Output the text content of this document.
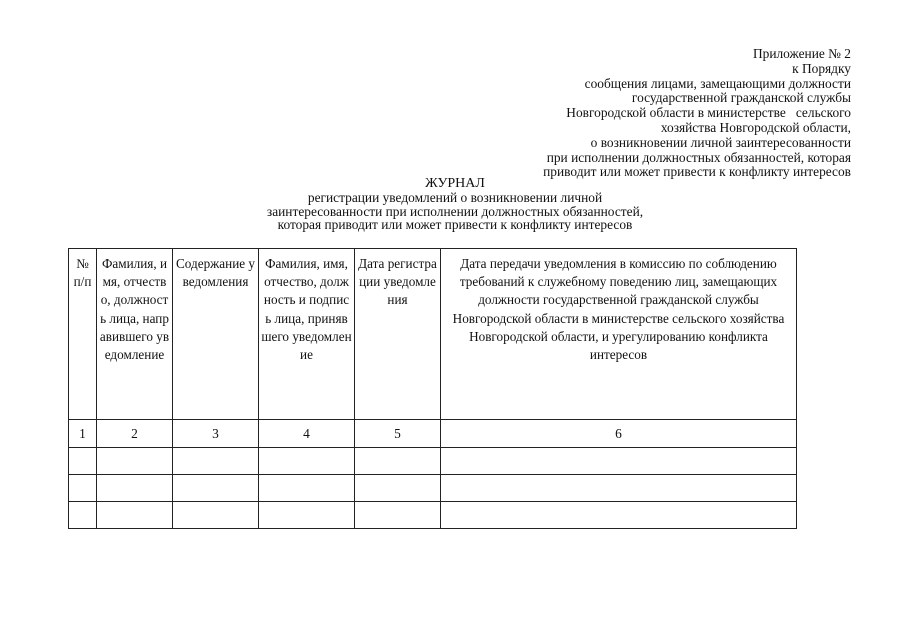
Приложение № 2
к Порядку
сообщения лицами, замещающими должности
государственной гражданской службы
Новгородской области в министерстве   сельского
хозяйства Новгородской области,
о возникновении личной заинтересованности
при исполнении должностных обязанностей, которая
приводит или может привести к конфликту интересов
ЖУРНАЛ
регистрации уведомлений о возникновении личной
заинтересованности при исполнении должностных обязанностей,
которая приводит или может привести к конфликту интересов
№ п/п	Фамилия, имя, отчество, должность лица, направившего уведомление	Содержание уведомления	Фамилия, имя, отчество, должность и подпись лица, принявшего уведомление	Дата регистрации уведомления	Дата передачи уведомления в комиссию по соблюдению требований к служебному поведению лиц, замещающих должности государственной гражданской службы Новгородской области в министерстве сельского хозяйства Новгородской области, и урегулированию конфликта интересов
1	2	3	4	5	6
